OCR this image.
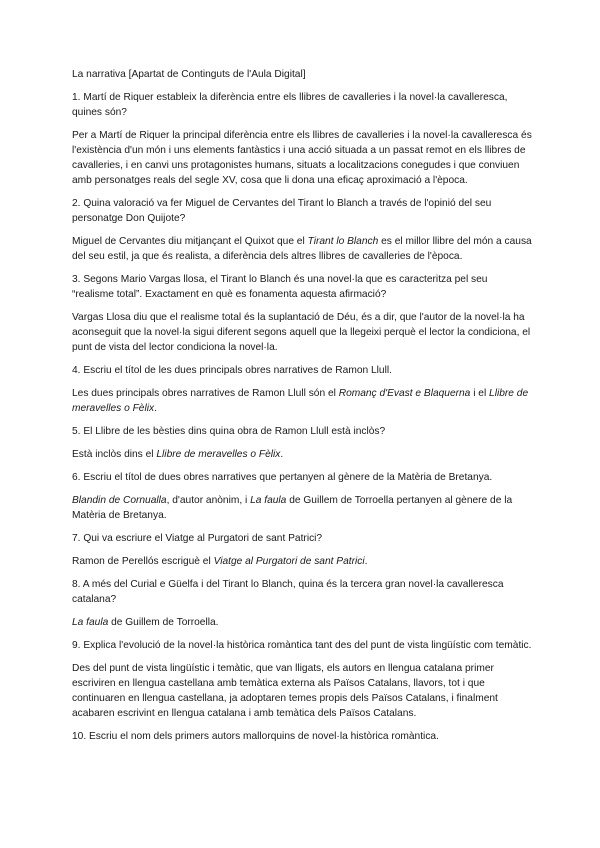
La narrativa [Apartat de Continguts de l'Aula Digital]

1. Martí de Riquer estableix la diferència entre els llibres de cavalleries i la novel·la cavalleresca, quines són?

Per a Martí de Riquer la principal diferència entre els llibres de cavalleries i la novel·la cavalleresca és l'existència d'un món i uns elements fantàstics i una acció situada a un passat remot en els llibres de cavalleries, i en canvi uns protagonistes humans, situats a localitzacions conegudes i que conviuen amb personatges reals del segle XV, cosa que li dona una eficaç aproximació a l'època.

2. Quina valoració va fer Miguel de Cervantes del Tirant lo Blanch a través de l'opinió del seu personatge Don Quijote?

Miguel de Cervantes diu mitjançant el Quixot que el Tirant lo Blanch es el millor llibre del món a causa del seu estil, ja que és realista, a diferència dels altres llibres de cavalleries de l'època.

3. Segons Mario Vargas llosa, el Tirant lo Blanch és una novel·la que es caracteritza pel seu “realisme total”. Exactament en què es fonamenta aquesta afirmació?

Vargas Llosa diu que el realisme total és la suplantació de Déu, és a dir, que l'autor de la novel·la ha aconseguit que la novel·la sigui diferent segons aquell que la llegeixi perquè el lector la condiciona, el punt de vista del lector condiciona la novel·la.

4. Escriu el títol de les dues principals obres narratives de Ramon Llull.

Les dues principals obres narratives de Ramon Llull són el Romanç d'Evast e Blaquerna i el Llibre de meravelles o Fèlix.

5. El Llibre de les bèsties dins quina obra de Ramon Llull està inclòs?

Està inclòs dins el Llibre de meravelles o Fèlix.

6. Escriu el títol de dues obres narratives que pertanyen al gènere de la Matèria de Bretanya.

Blandin de Cornualla, d'autor anònim, i La faula de Guillem de Torroella pertanyen al gènere de la Matèria de Bretanya.

7. Qui va escriure el Viatge al Purgatori de sant Patrici?

Ramon de Perellós escriguè el Viatge al Purgatori de sant Patrici.

8. A més del Curial e Güelfa i del Tirant lo Blanch, quina és la tercera gran novel·la cavalleresca catalana?

La faula de Guillem de Torroella.

9. Explica l'evolució de la novel·la històrica romàntica tant des del punt de vista lingüístic com temàtic.

Des del punt de vista lingüístic i temàtic, que van lligats, els autors en llengua catalana primer escriviren en llengua castellana amb temàtica externa als Països Catalans, llavors, tot i que continuaren en llengua castellana, ja adoptaren temes propis dels Països Catalans, i finalment acabaren escrivint en llengua catalana i amb temàtica dels Països Catalans.

10. Escriu el nom dels primers autors mallorquins de novel·la històrica romàntica.
